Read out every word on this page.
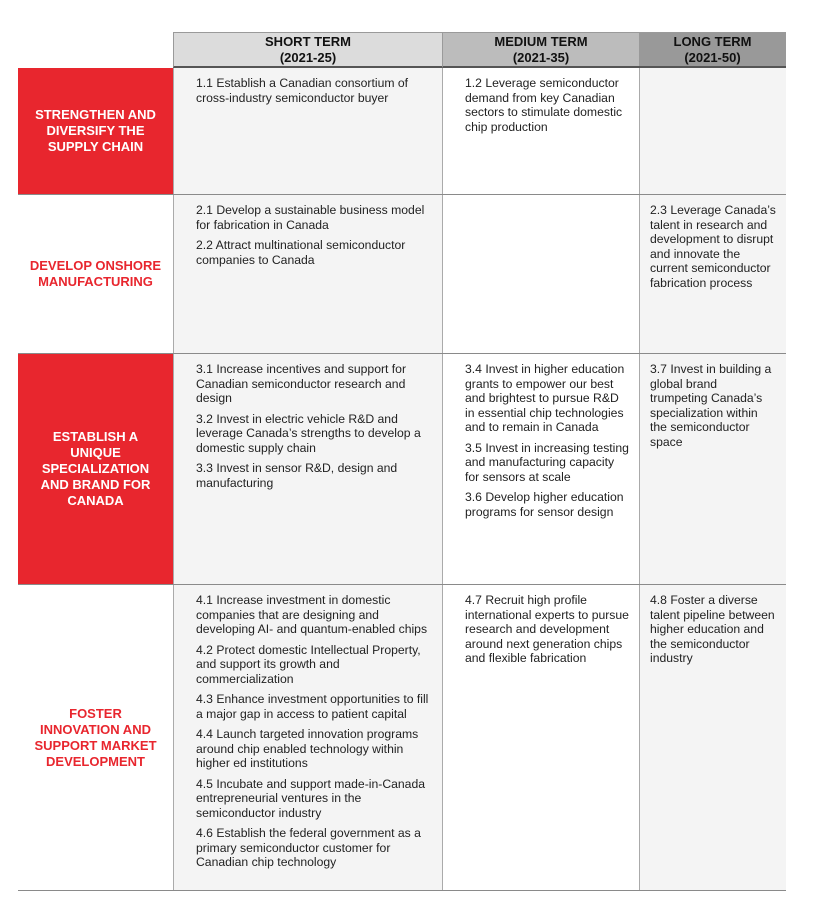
SHORT TERM
(2021-25)
MEDIUM TERM
(2021-35)
LONG TERM
(2021-50)
STRENGTHEN AND DIVERSIFY THE SUPPLY CHAIN

1.1 Establish a Canadian consortium of cross-industry semiconductor buyer

1.2 Leverage semiconductor demand from key Canadian sectors to stimulate domestic chip production

DEVELOP ONSHORE MANUFACTURING

2.1 Develop a sustainable business model for fabrication in Canada

2.2 Attract multinational semiconductor companies to Canada

2.3 Leverage Canada’s talent in research and development to disrupt and innovate the current semiconductor fabrication process

ESTABLISH A UNIQUE SPECIALIZATION AND BRAND FOR CANADA

3.1 Increase incentives and support for Canadian semiconductor research and design

3.2 Invest in electric vehicle R&D and leverage Canada’s strengths to develop a domestic supply chain

3.3 Invest in sensor R&D, design and manufacturing

3.4 Invest in higher education grants to empower our best and brightest to pursue R&D in essential chip technologies and to remain in Canada

3.5 Invest in increasing testing and manufacturing capacity for sensors at scale

3.6 Develop higher education programs for sensor design

3.7 Invest in building a global brand trumpeting Canada’s specialization within the semiconductor space

FOSTER INNOVATION AND SUPPORT MARKET DEVELOPMENT

4.1 Increase investment in domestic companies that are designing and developing AI- and quantum-enabled chips

4.2 Protect domestic Intellectual Property, and support its growth and commercialization

4.3 Enhance investment opportunities to fill a major gap in access to patient capital

4.4 Launch targeted innovation programs around chip enabled technology within higher ed institutions

4.5 Incubate and support made-in-Canada entrepreneurial ventures in the semiconductor industry

4.6 Establish the federal government as a primary semiconductor customer for Canadian chip technology

4.7 Recruit high profile international experts to pursue research and development around next generation chips and flexible fabrication

4.8 Foster a diverse talent pipeline between higher education and the semiconductor industry
